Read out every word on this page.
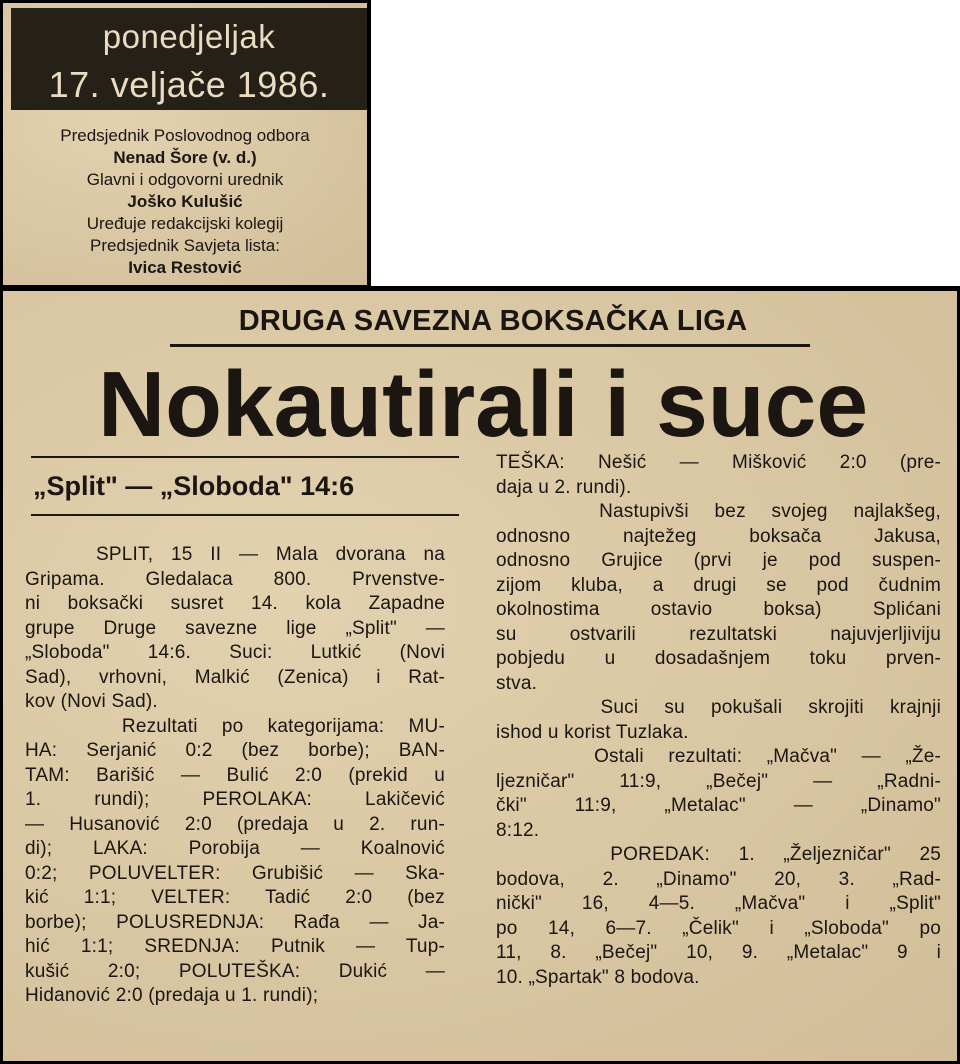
ponedjeljak
17. veljače 1986.
Predsjednik Poslovodnog odbora
Nenad Šore (v. d.)
Glavni i odgovorni urednik
Joško Kulušić
Uređuje redakcijski kolegij
Predsjednik Savjeta lista:
Ivica Restović
DRUGA SAVEZNA BOKSAČKA LIGA
Nokautirali i suce
„Split" — „Sloboda" 14:6
SPLIT, 15 II — Mala dvorana na
Gripama. Gledalaca 800. Prvenstve-
ni boksački susret 14. kola Zapadne
grupe Druge savezne lige „Split" —
„Sloboda" 14:6. Suci: Lutkić (Novi
Sad), vrhovni, Malkić (Zenica) i Rat-
kov (Novi Sad).
Rezultati po kategorijama: MU-
HA: Serjanić 0:2 (bez borbe); BAN-
TAM: Barišić — Bulić 2:0 (prekid u
1. rundi); PEROLAKA: Lakičević
— Husanović 2:0 (predaja u 2. run-
di); LAKA: Porobija — Koalnović
0:2; POLUVELTER: Grubišić — Ska-
kić 1:1; VELTER: Tadić 2:0 (bez
borbe); POLUSREDNJA: Rađa — Ja-
hić 1:1; SREDNJA: Putnik — Tup-
kušić 2:0; POLUTEŠKA: Dukić —
Hidanović 2:0 (predaja u 1. rundi);
TEŠKA: Nešić — Mišković 2:0 (pre-
daja u 2. rundi).
Nastupivši bez svojeg najlakšeg,
odnosno najtežeg boksača Jakusa,
odnosno Grujice (prvi je pod suspen-
zijom kluba, a drugi se pod čudnim
okolnostima ostavio boksa) Splićani
su ostvarili rezultatski najuvjerljiviju
pobjedu u dosadašnjem toku prven-
stva.
Suci su pokušali skrojiti krajnji
ishod u korist Tuzlaka.
Ostali rezultati: „Mačva" — „Že-
ljezničar" 11:9, „Bečej" — „Radni-
čki" 11:9, „Metalac" — „Dinamo"
8:12.
POREDAK: 1. „Željezničar" 25
bodova, 2. „Dinamo" 20, 3. „Rad-
nički" 16, 4—5. „Mačva" i „Split"
po 14, 6—7. „Čelik" i „Sloboda" po
11, 8. „Bečej" 10, 9. „Metalac" 9 i
10. „Spartak" 8 bodova.
